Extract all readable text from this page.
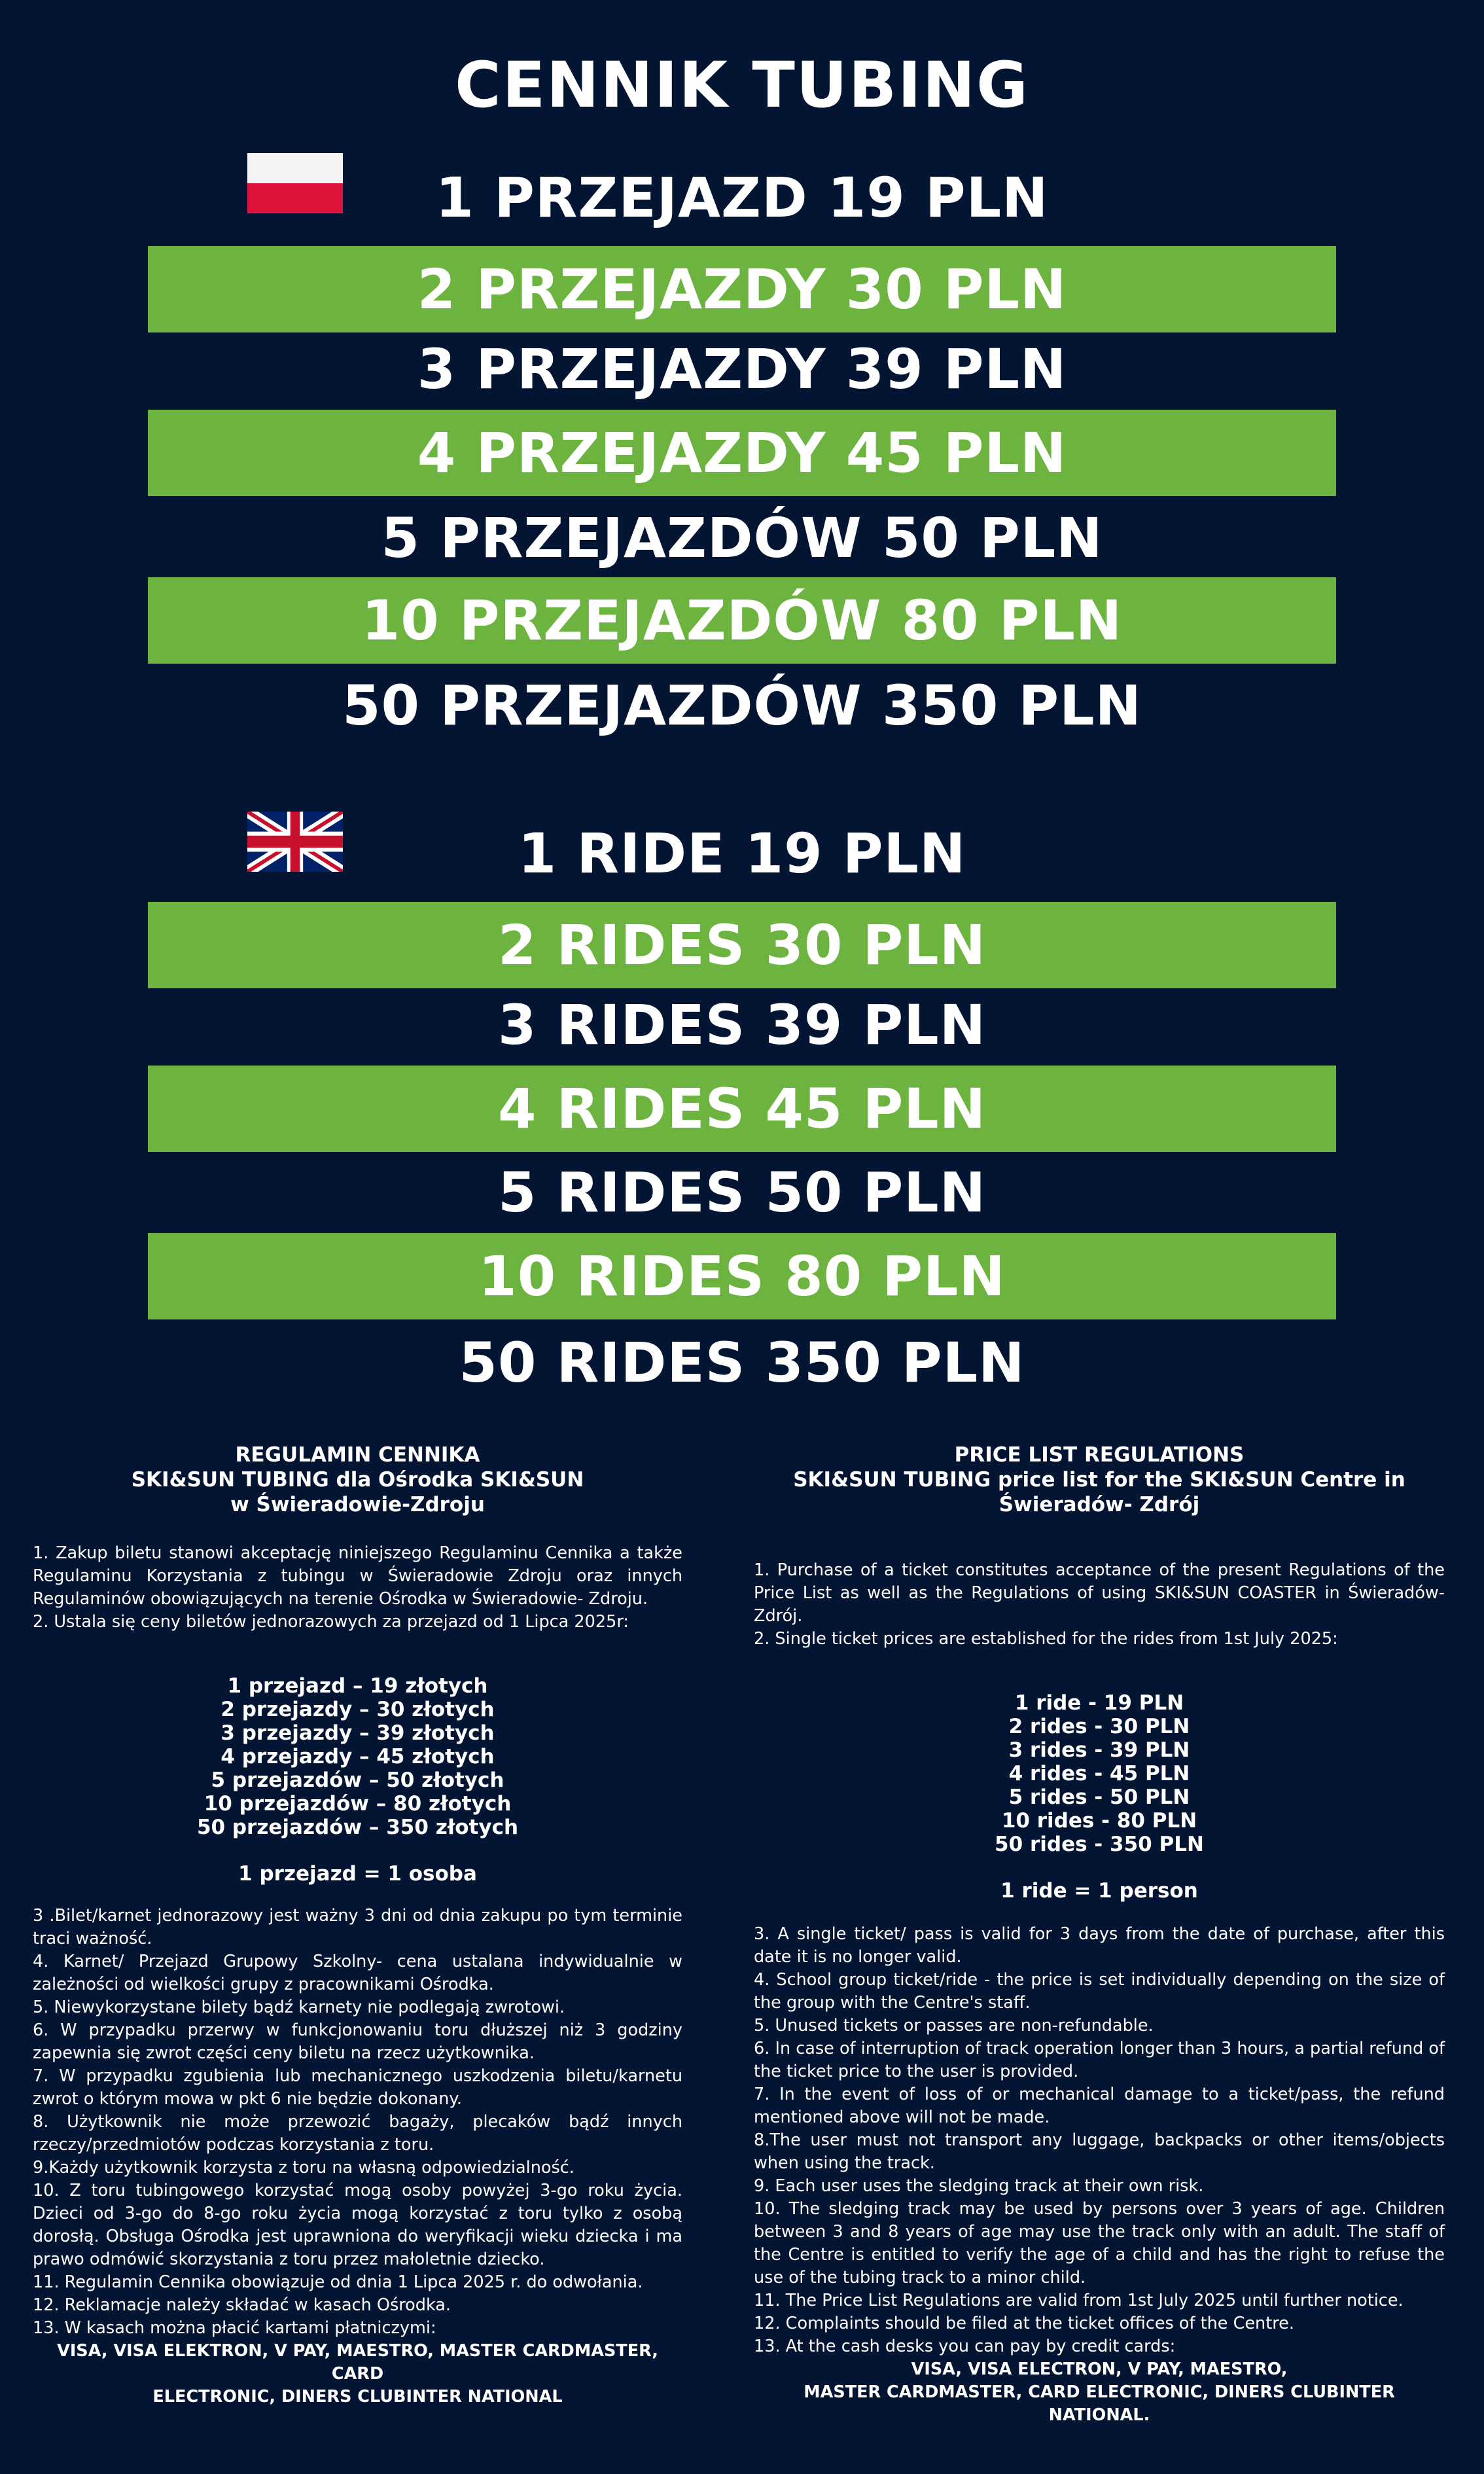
CENNIK TUBING
1 PRZEJAZD 19 PLN
2 PRZEJAZDY 30 PLN
3 PRZEJAZDY 39 PLN
4 PRZEJAZDY 45 PLN
5 PRZEJAZDÓW 50 PLN
10 PRZEJAZDÓW 80 PLN
50 PRZEJAZDÓW 350 PLN
1 RIDE 19 PLN
2 RIDES 30 PLN
3 RIDES 39 PLN
4 RIDES 45 PLN
5 RIDES 50 PLN
10 RIDES 80 PLN
50 RIDES 350 PLN
REGULAMIN CENNIKA
SKI&SUN TUBING dla Ośrodka SKI&SUN
w Świeradowie-Zdroju
1. Zakup biletu stanowi akceptację niniejszego Regulaminu Cennika a także Regulaminu Korzystania z tubingu w Świeradowie Zdroju oraz innych Regulaminów obowiązujących na terenie Ośrodka w Świeradowie- Zdroju.
2. Ustala się ceny biletów jednorazowych za przejazd od 1 Lipca 2025r:
1 przejazd – 19 złotych
2 przejazdy – 30 złotych
3 przejazdy – 39 złotych
4 przejazdy – 45 złotych
5 przejazdów – 50 złotych
10 przejazdów – 80 złotych
50 przejazdów – 350 złotych
1 przejazd = 1 osoba
3 .Bilet/karnet jednorazowy jest ważny 3 dni od dnia zakupu po tym terminie traci ważność.
4. Karnet/ Przejazd Grupowy Szkolny- cena ustalana indywidualnie w zależności od wielkości grupy z pracownikami Ośrodka.
5. Niewykorzystane bilety bądź karnety nie podlegają zwrotowi.
6. W przypadku przerwy w funkcjonowaniu toru dłuższej niż 3 godziny zapewnia się zwrot części ceny biletu na rzecz użytkownika.
7. W przypadku zgubienia lub mechanicznego uszkodzenia biletu/karnetu zwrot o którym mowa w pkt 6 nie będzie dokonany.
8. Użytkownik nie może przewozić bagaży, plecaków bądź innych rzeczy/przedmiotów podczas korzystania z toru.
9.Każdy użytkownik korzysta z toru na własną odpowiedzialność.
10. Z toru tubingowego korzystać mogą osoby powyżej 3-go roku życia. Dzieci od 3-go do 8-go roku życia mogą korzystać z toru tylko z osobą dorosłą. Obsługa Ośrodka jest uprawniona do weryfikacji wieku dziecka i ma prawo odmówić skorzystania z toru przez małoletnie dziecko.
11. Regulamin Cennika obowiązuje od dnia 1 Lipca 2025 r. do odwołania.
12. Reklamacje należy składać w kasach Ośrodka.
13. W kasach można płacić kartami płatniczymi:
VISA, VISA ELEKTRON, V PAY, MAESTRO, MASTER CARDMASTER, CARD
ELECTRONIC, DINERS CLUBINTER NATIONAL
PRICE LIST REGULATIONS
SKI&SUN TUBING price list for the SKI&SUN Centre in
Świeradów- Zdrój
1. Purchase of a ticket constitutes acceptance of the present Regulations of the Price List as well as the Regulations of using SKI&SUN COASTER in Świeradów- Zdrój.
2. Single ticket prices are established for the rides from 1st July 2025:
1 ride - 19 PLN
2 rides - 30 PLN
3 rides - 39 PLN
4 rides - 45 PLN
5 rides - 50 PLN
10 rides - 80 PLN
50 rides - 350 PLN
1 ride = 1 person
3. A single ticket/ pass is valid for 3 days from the date of purchase, after this date it is no longer valid.
4. School group ticket/ride - the price is set individually depending on the size of the group with the Centre's staff.
5. Unused tickets or passes are non-refundable.
6. In case of interruption of track operation longer than 3 hours, a partial refund of the ticket price to the user is provided.
7. In the event of loss of or mechanical damage to a ticket/pass, the refund mentioned above will not be made.
8.The user must not transport any luggage, backpacks or other items/objects when using the track.
9. Each user uses the sledging track at their own risk.
10. The sledging track may be used by persons over 3 years of age. Children between 3 and 8 years of age may use the track only with an adult. The staff of the Centre is entitled to verify the age of a child and has the right to refuse the use of the tubing track to a minor child.
11. The Price List Regulations are valid from 1st July 2025 until further notice.
12. Complaints should be filed at the ticket offices of the Centre.
13. At the cash desks you can pay by credit cards:
VISA, VISA ELECTRON, V PAY, MAESTRO,
MASTER CARDMASTER, CARD ELECTRONIC, DINERS CLUBINTER NATIONAL.
